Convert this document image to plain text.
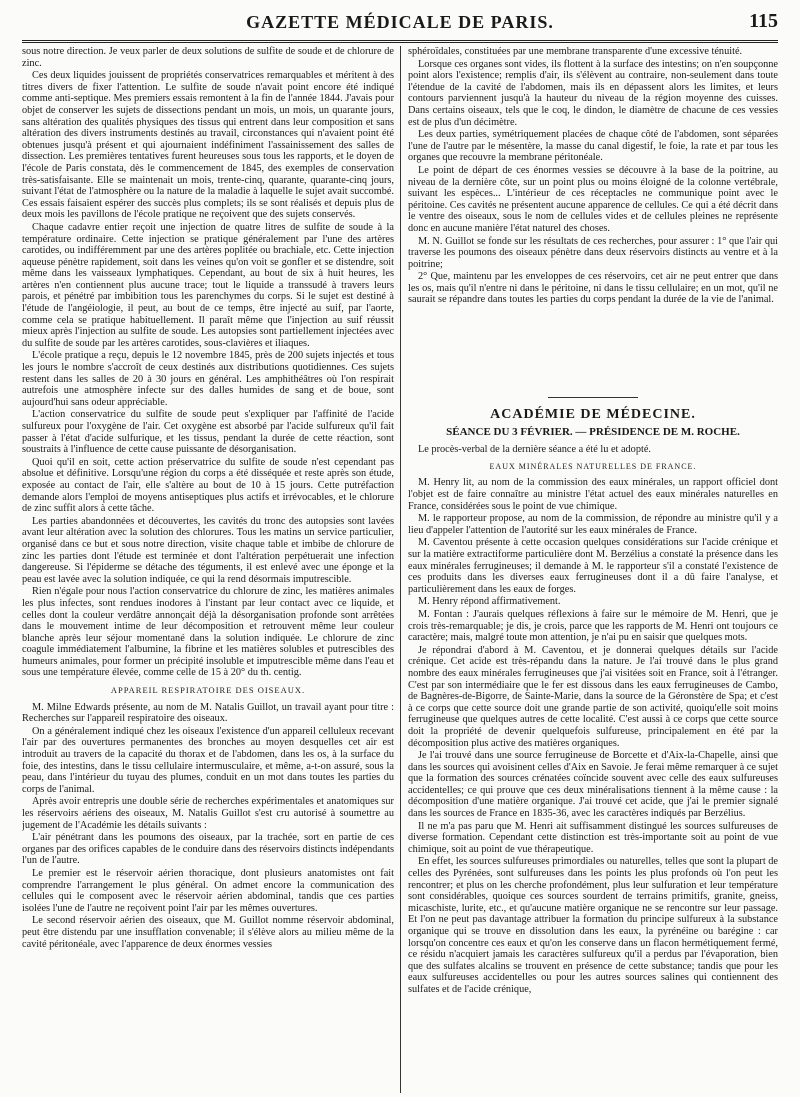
GAZETTE MÉDICALE DE PARIS.	115

sous notre direction. Je veux parler de deux solutions de sulfite de soude et de chlorure de zinc.

Ces deux liquides jouissent de propriétés conservatrices remarquables et méritent à des titres divers de fixer l'attention. Le sulfite de soude n'avait point encore été indiqué comme anti-septique. Mes premiers essais remontent à la fin de l'année 1844. J'avais pour objet de conserver les sujets de dissections pendant un mois, un mois, un quarante jours, sans altération des qualités physiques des tissus qui entrent dans leur composition et sans altération des divers instruments destinés au travail, circonstances qui n'avaient point été obtenues jusqu'à présent et qui ajournaient indéfiniment l'assainissement des salles de dissection. Les premières tentatives furent heureuses sous tous les rapports, et le doyen de l'école de Paris constata, dès le commencement de 1845, des exemples de conservation très-satisfaisante. Elle se maintenait un mois, trente-cinq, quarante, quarante-cinq jours, suivant l'état de l'atmosphère ou la nature de la maladie à laquelle le sujet avait succombé. Ces essais faisaient espérer des succès plus complets; ils se sont réalisés et depuis plus de deux mois les pavillons de l'école pratique ne reçoivent que des sujets conservés.

Chaque cadavre entier reçoit une injection de quatre litres de sulfite de soude à la température ordinaire. Cette injection se pratique généralement par l'une des artères carotides, ou indifféremment par une des artères poplitée ou brachiale, etc. Cette injection aqueuse pénètre rapidement, soit dans les veines qu'on voit se gonfler et se distendre, soit même dans les vaisseaux lymphatiques. Cependant, au bout de six à huit heures, les artères n'en contiennent plus aucune trace; tout le liquide a transsudé à travers leurs parois, et pénétré par imbibition tous les parenchymes du corps. Si le sujet est destiné à l'étude de l'angéiologie, il peut, au bout de ce temps, être injecté au suif, par l'aorte, comme cela se pratique habituellement. Il paraît même que l'injection au suif réussit mieux après l'injection au sulfite de soude. Les autopsies sont partiellement injectées avec du sulfite de soude par les artères carotides, sous-clavières et iliaques.

L'école pratique a reçu, depuis le 12 novembre 1845, près de 200 sujets injectés et tous les jours le nombre s'accroît de ceux destinés aux distributions quotidiennes. Ces sujets restent dans les salles de 20 à 30 jours en général. Les amphithéâtres où l'on respirait autrefois une atmosphère infecte sur des dalles humides de sang et de boue, sont aujourd'hui sans odeur appréciable.

L'action conservatrice du sulfite de soude peut s'expliquer par l'affinité de l'acide sulfureux pour l'oxygène de l'air. Cet oxygène est absorbé par l'acide sulfureux qu'il fait passer à l'état d'acide sulfurique, et les tissus, pendant la durée de cette réaction, sont soustraits à l'influence de cette cause puissante de désorganisation.

Quoi qu'il en soit, cette action préservatrice du sulfite de soude n'est cependant pas absolue et définitive. Lorsqu'une région du corps a été disséquée et reste après son étude, exposée au contact de l'air, elle s'altère au bout de 10 à 15 jours. Cette putréfaction demande alors l'emploi de moyens antiseptiques plus actifs et irrévocables, et le chlorure de zinc suffit alors à cette tâche.

Les parties abandonnées et découvertes, les cavités du tronc des autopsies sont lavées avant leur altération avec la solution des chlorures. Tous les matins un service particulier, organisé dans ce but et sous notre direction, visite chaque table et imbibe de chlorure de zinc les parties dont l'étude est terminée et dont l'altération perpétuerait une infection dangereuse. Si l'épiderme se détache des téguments, il est enlevé avec une éponge et la peau est lavée avec la solution indiquée, ce qui la rend désormais imputrescible.

Rien n'égale pour nous l'action conservatrice du chlorure de zinc, les matières animales les plus infectes, sont rendues inodores à l'instant par leur contact avec ce liquide, et celles dont la couleur verdâtre annonçait déjà la désorganisation profonde sont arrêtées dans le mouvement intime de leur décomposition et retrouvent même leur couleur blanche après leur séjour momentané dans la solution indiquée. Le chlorure de zinc coagule immédiatement l'albumine, la fibrine et les matières solubles et putrescibles des humeurs animales, pour former un précipité insoluble et imputrescible même dans l'eau et sous une température élevée, comme celle de 15 à 20° du th. centig.

APPAREIL RESPIRATOIRE DES OISEAUX.

M. Milne Edwards présente, au nom de M. Natalis Guillot, un travail ayant pour titre : Recherches sur l'appareil respiratoire des oiseaux.

On a généralement indiqué chez les oiseaux l'existence d'un appareil celluleux recevant l'air par des ouvertures permanentes des bronches au moyen desquelles cet air est introduit au travers de la capacité du thorax et de l'abdomen, dans les os, à la surface du foie, des intestins, dans le tissu cellulaire intermusculaire, et même, a-t-on assuré, sous la peau, dans l'intérieur du tuyau des plumes, conduit en un mot dans toutes les parties du corps de l'animal.

Après avoir entrepris une double série de recherches expérimentales et anatomiques sur les réservoirs aériens des oiseaux, M. Natalis Guillot s'est cru autorisé à soumettre au jugement de l'Académie les détails suivants :

L'air pénétrant dans les poumons des oiseaux, par la trachée, sort en partie de ces organes par des orifices capables de le conduire dans des réservoirs distincts indépendants l'un de l'autre.

Le premier est le réservoir aérien thoracique, dont plusieurs anatomistes ont fait comprendre l'arrangement le plus général. On admet encore la communication des cellules qui le composent avec le réservoir aérien abdominal, tandis que ces parties isolées l'une de l'autre ne reçoivent point l'air par les mêmes ouvertures.

Le second réservoir aérien des oiseaux, que M. Guillot nomme réservoir abdominal, peut être distendu par une insufflation convenable; il s'élève alors au milieu même de la cavité péritonéale, avec l'apparence de deux énormes vessies

sphéroïdales, constituées par une membrane transparente d'une excessive ténuité.

Lorsque ces organes sont vides, ils flottent à la surface des intestins; on n'en soupçonne point alors l'existence; remplis d'air, ils s'élèvent au contraire, non-seulement dans toute l'étendue de la cavité de l'abdomen, mais ils en dépassent alors les limites, et leurs contours parviennent jusqu'à la hauteur du niveau de la région moyenne des cuisses. Dans certains oiseaux, tels que le coq, le dindon, le diamètre de chacune de ces vessies est de plus d'un décimètre.

Les deux parties, symétriquement placées de chaque côté de l'abdomen, sont séparées l'une de l'autre par le mésentère, la masse du canal digestif, le foie, la rate et par tous les organes que recouvre la membrane péritonéale.

Le point de départ de ces énormes vessies se découvre à la base de la poitrine, au niveau de la dernière côte, sur un point plus ou moins éloigné de la colonne vertébrale, suivant les espèces... L'intérieur de ces réceptacles ne communique point avec le péritoine. Ces cavités ne présentent aucune apparence de cellules. Ce qui a été décrit dans le ventre des oiseaux, sous le nom de cellules vides et de cellules pleines ne représente donc en aucune manière l'état naturel des choses.

M. N. Guillot se fonde sur les résultats de ces recherches, pour assurer : 1° que l'air qui traverse les poumons des oiseaux pénètre dans deux réservoirs distincts au ventre et à la poitrine;

2° Que, maintenu par les enveloppes de ces réservoirs, cet air ne peut entrer que dans les os, mais qu'il n'entre ni dans le péritoine, ni dans le tissu cellulaire; en un mot, qu'il ne saurait se répandre dans toutes les parties du corps pendant la durée de la vie de l'animal.

ACADÉMIE DE MÉDECINE.
SÉANCE DU 3 FÉVRIER. — PRÉSIDENCE DE M. ROCHE.

Le procès-verbal de la dernière séance a été lu et adopté.

EAUX MINÉRALES NATURELLES DE FRANCE.

M. Henry lit, au nom de la commission des eaux minérales, un rapport officiel dont l'objet est de faire connaître au ministre l'état actuel des eaux minérales naturelles en France, considérées sous le point de vue chimique.

M. le rapporteur propose, au nom de la commission, de répondre au ministre qu'il y a lieu d'appeler l'attention de l'autorité sur les eaux minérales de France.

M. Caventou présente à cette occasion quelques considérations sur l'acide crénique et sur la matière extractiforme particulière dont M. Berzélius a constaté la présence dans les eaux minérales ferrugineuses; il demande à M. le rapporteur s'il a constaté l'existence de ces produits dans les diverses eaux ferrugineuses dont il a dû faire l'analyse, et particulièrement dans les eaux de forges.

M. Henry répond affirmativement.

M. Fontan : J'aurais quelques réflexions à faire sur le mémoire de M. Henri, que je crois très-remarquable; je dis, je crois, parce que les rapports de M. Henri ont toujours ce caractère; mais, malgré toute mon attention, je n'ai pu en saisir que quelques mots.

Je répondrai d'abord à M. Caventou, et je donnerai quelques détails sur l'acide crénique. Cet acide est très-répandu dans la nature. Je l'ai trouvé dans le plus grand nombre des eaux minérales ferrugineuses que j'ai visitées soit en France, soit à l'étranger. C'est par son intermédiaire que le fer est dissous dans les eaux ferrugineuses de Cambo, de Bagnères-de-Bigorre, de Sainte-Marie, dans la source de la Géronstère de Spa; et c'est à ce corps que cette source doit une grande partie de son activité, quoiqu'elle soit moins ferrugineuse que quelques autres de cette localité. C'est aussi à ce corps que cette source doit la propriété de devenir quelquefois sulfureuse, principalement en été par la décomposition plus active des matières organiques.

Je l'ai trouvé dans une source ferrugineuse de Borcette et d'Aix-la-Chapelle, ainsi que dans les sources qui avoisinent celles d'Aix en Savoie. Je ferai même remarquer à ce sujet que la formation des sources crénatées coïncide souvent avec celle des eaux sulfureuses accidentelles; ce qui prouve que ces deux minéralisations tiennent à la même cause : la décomposition d'une matière organique. J'ai trouvé cet acide, que j'ai le premier signalé dans les sources de France en 1835-36, avec les caractères indiqués par Berzélius.

Il ne m'a pas paru que M. Henri ait suffisamment distingué les sources sulfureuses de diverse formation. Cependant cette distinction est très-importante soit au point de vue chimique, soit au point de vue thérapeutique.

En effet, les sources sulfureuses primordiales ou naturelles, telles que sont la plupart de celles des Pyrénées, sont sulfureuses dans les points les plus profonds où l'on peut les rencontrer; et plus on les cherche profondément, plus leur sulfuration et leur température sont considérables, quoique ces sources sourdent de terrains primitifs, granite, gneiss, micaschiste, lurite, etc., et qu'aucune matière organique ne se rencontre sur leur passage. Et l'on ne peut pas davantage attribuer la formation du principe sulfureux à la substance organique qui se trouve en dissolution dans les eaux, la pyrénéine ou barégine : car lorsqu'on concentre ces eaux et qu'on les conserve dans un flacon hermétiquement fermé, ce résidu n'acquiert jamais les caractères sulfureux qu'il a perdus par l'évaporation, bien que des sulfates alcalins se trouvent en présence de cette substance; tandis que pour les eaux sulfureuses accidentelles ou pour les autres sources salines qui contiennent des sulfates et de l'acide crénique,
